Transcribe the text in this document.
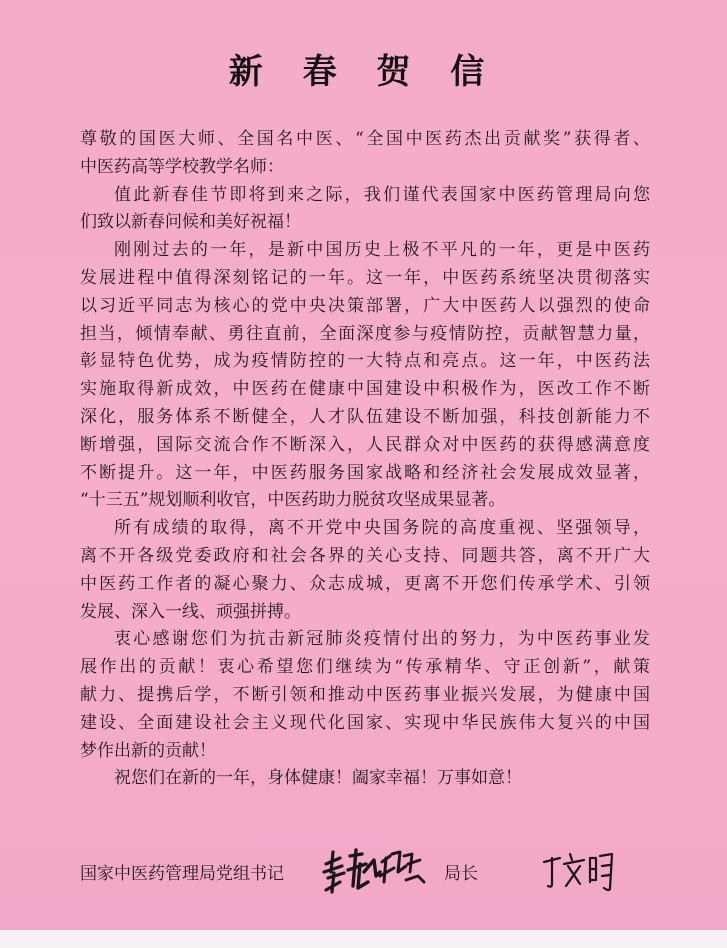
新 春 贺 信
尊敬的国医大师、全国名中医、“全国中医药杰出贡献奖”获得者、
中医药高等学校教学名师：
值此新春佳节即将到来之际，我们谨代表国家中医药管理局向您
们致以新春问候和美好祝福！
刚刚过去的一年，是新中国历史上极不平凡的一年，更是中医药
发展进程中值得深刻铭记的一年。这一年，中医药系统坚决贯彻落实
以习近平同志为核心的党中央决策部署，广大中医药人以强烈的使命
担当，倾情奉献、勇往直前，全面深度参与疫情防控，贡献智慧力量，
彰显特色优势，成为疫情防控的一大特点和亮点。这一年，中医药法
实施取得新成效，中医药在健康中国建设中积极作为，医改工作不断
深化，服务体系不断健全，人才队伍建设不断加强，科技创新能力不
断增强，国际交流合作不断深入，人民群众对中医药的获得感满意度
不断提升。这一年，中医药服务国家战略和经济社会发展成效显著，
“十三五”规划顺利收官，中医药助力脱贫攻坚成果显著。
所有成绩的取得，离不开党中央国务院的高度重视、坚强领导，
离不开各级党委政府和社会各界的关心支持、同题共答，离不开广大
中医药工作者的凝心聚力、众志成城，更离不开您们传承学术、引领
发展、深入一线、顽强拼搏。
衷心感谢您们为抗击新冠肺炎疫情付出的努力，为中医药事业发
展作出的贡献！衷心希望您们继续为“传承精华、守正创新”，献策
献力、提携后学，不断引领和推动中医药事业振兴发展，为健康中国
建设、全面建设社会主义现代化国家、实现中华民族伟大复兴的中国
梦作出新的贡献！
祝您们在新的一年，身体健康！阖家幸福！万事如意！
国家中医药管理局党组书记	局长
